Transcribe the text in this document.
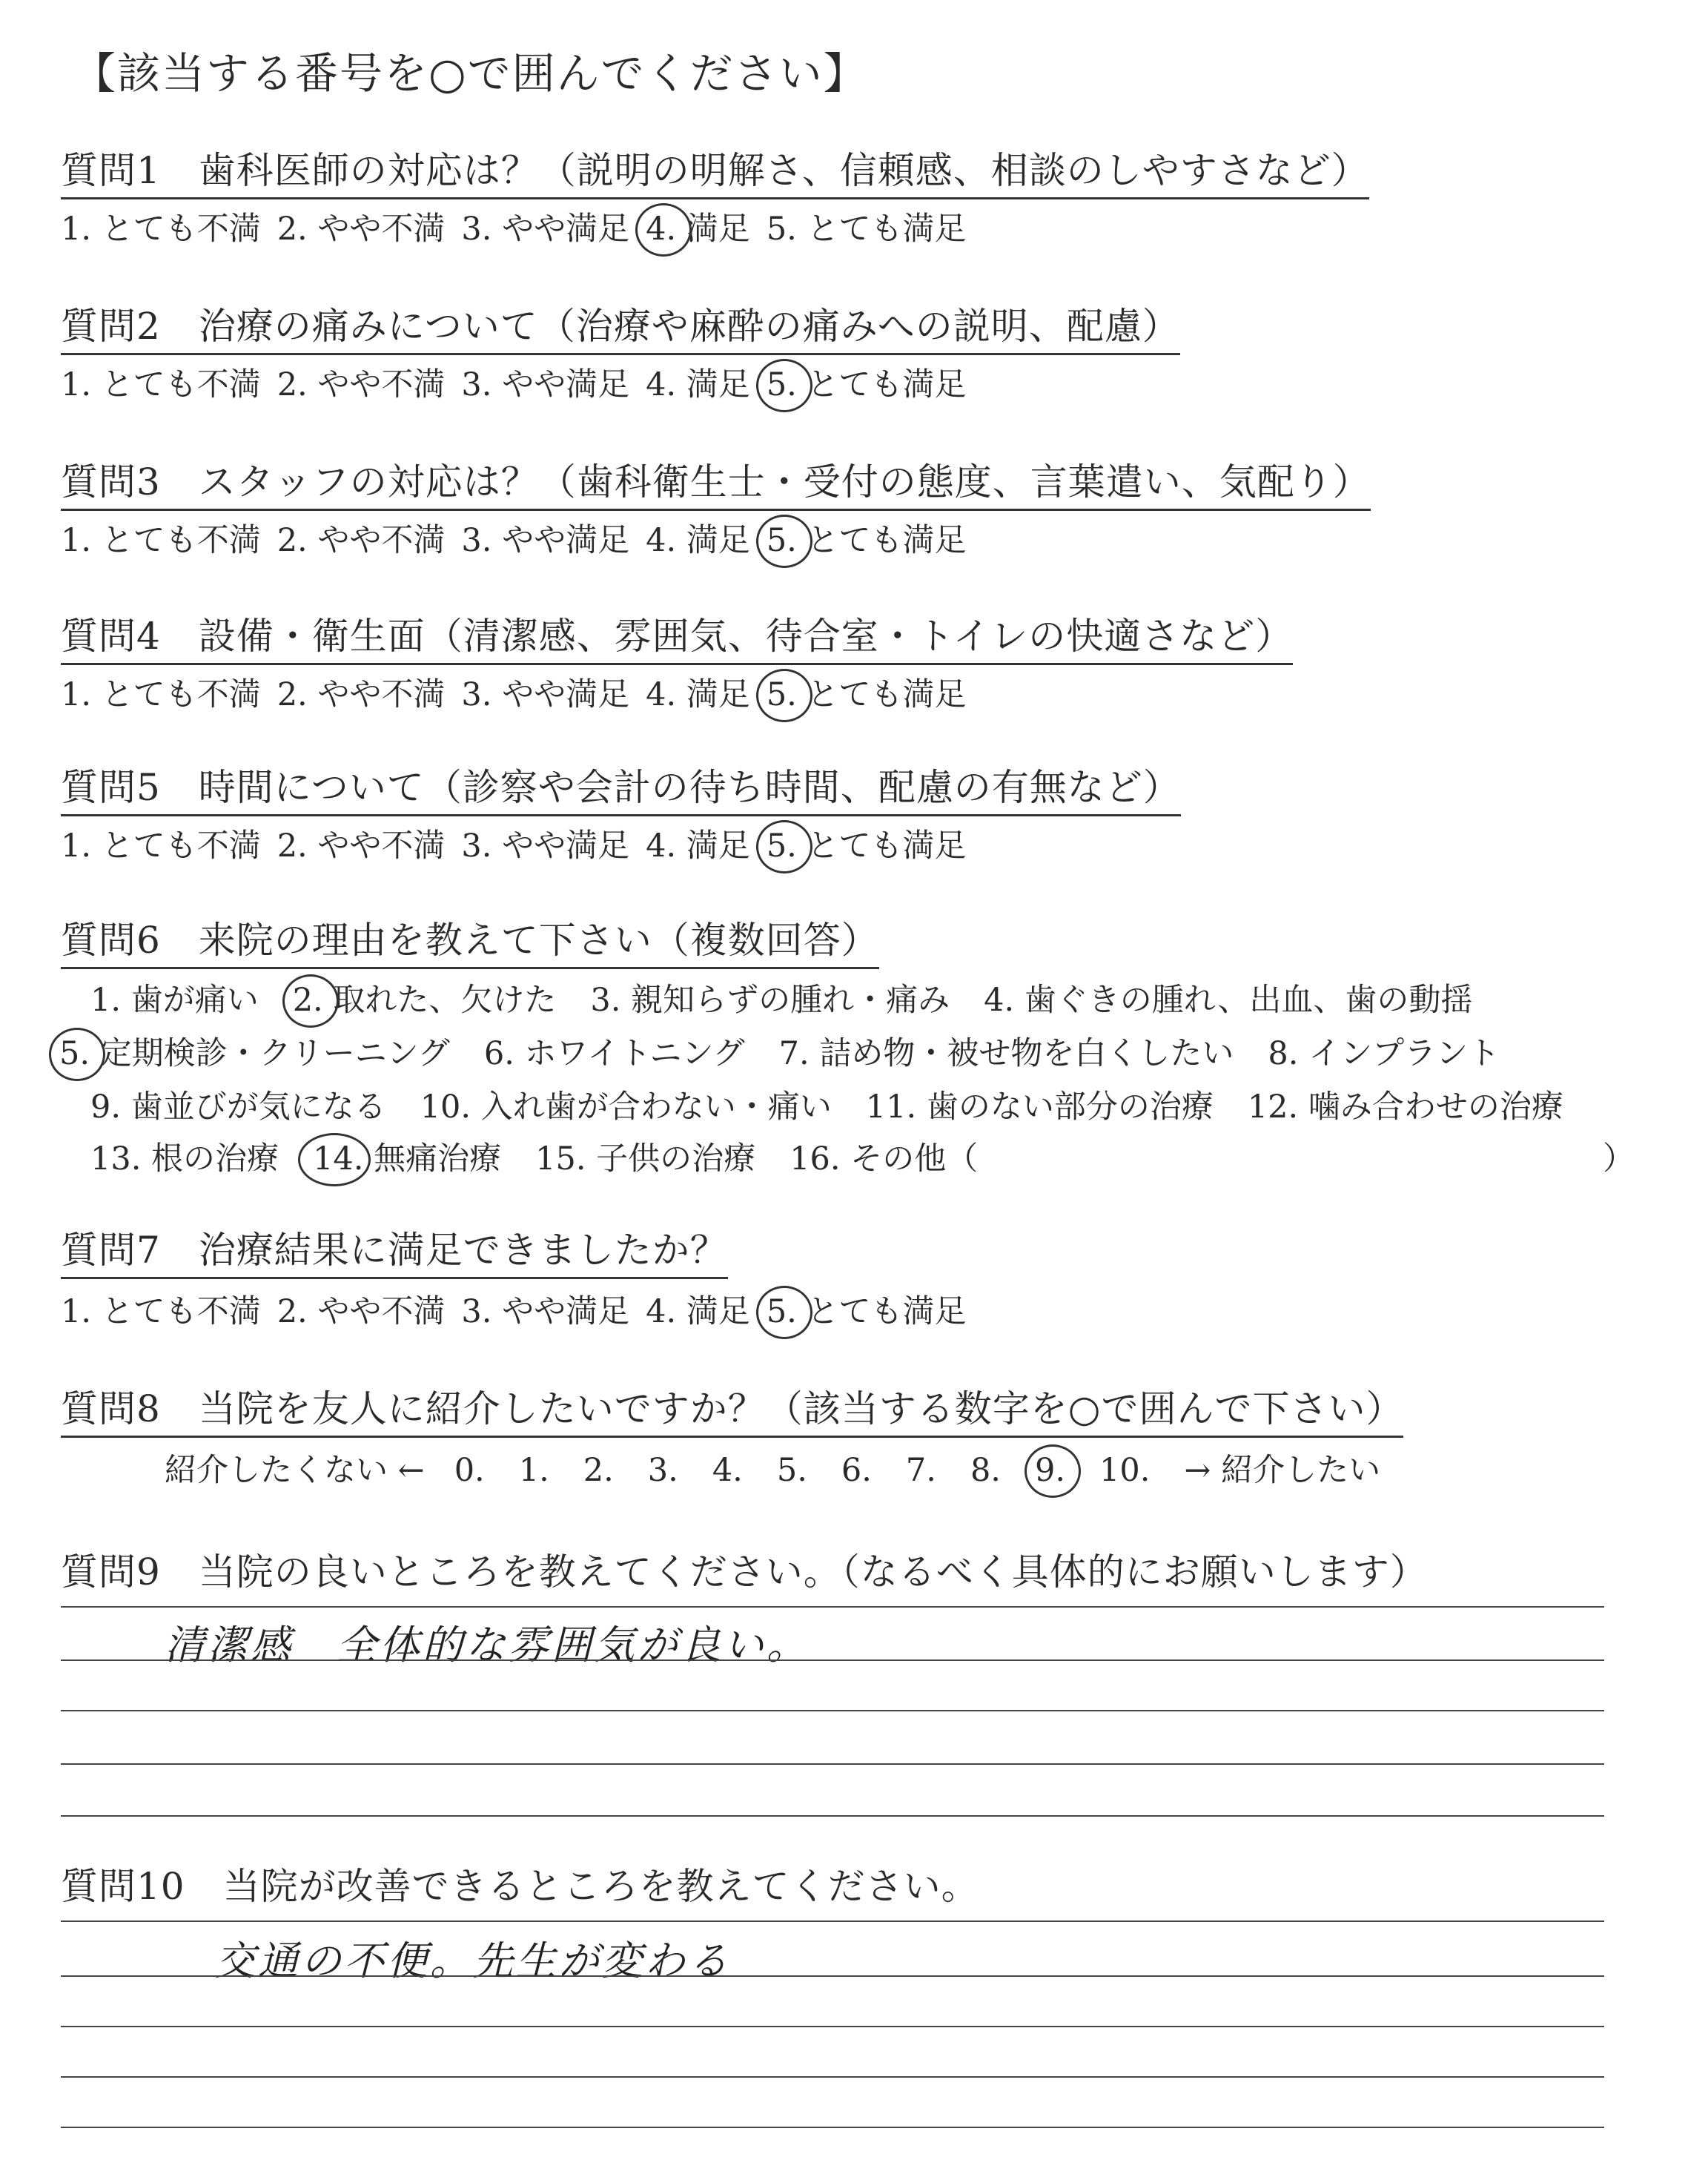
【該当する番号を○で囲んでください】
質問1　歯科医師の対応は？（説明の明解さ、信頼感、相談のしやすさなど）
1. とても不満 2. やや不満 3. やや満足 4. 満足 5. とても満足
質問2　治療の痛みについて（治療や麻酔の痛みへの説明、配慮）
1. とても不満 2. やや不満 3. やや満足 4. 満足 5. とても満足
質問3　スタッフの対応は？（歯科衛生士・受付の態度、言葉遣い、気配り）
1. とても不満 2. やや不満 3. やや満足 4. 満足 5. とても満足
質問4　設備・衛生面（清潔感、雰囲気、待合室・トイレの快適さなど）
1. とても不満 2. やや不満 3. やや満足 4. 満足 5. とても満足
質問5　時間について（診察や会計の待ち時間、配慮の有無など）
1. とても不満 2. やや不満 3. やや満足 4. 満足 5. とても満足
質問6　来院の理由を教えて下さい（複数回答）
1. 歯が痛い 2. 取れた、欠けた 3. 親知らずの腫れ・痛み 4. 歯ぐきの腫れ、出血、歯の動揺
5. 定期検診・クリーニング 6. ホワイトニング 7. 詰め物・被せ物を白くしたい 8. インプラント
9. 歯並びが気になる 10. 入れ歯が合わない・痛い 11. 歯のない部分の治療 12. 噛み合わせの治療
13. 根の治療 14. 無痛治療 15. 子供の治療 16. その他（	）
質問7　治療結果に満足できましたか？
1. とても不満 2. やや不満 3. やや満足 4. 満足 5. とても満足
質問8　当院を友人に紹介したいですか？（該当する数字を○で囲んで下さい）
紹介したくない ← 0. 1. 2. 3. 4. 5. 6. 7. 8. 9. 10. → 紹介したい
質問9　当院の良いところを教えてください。（なるべく具体的にお願いします）
清潔感　全体的な雰囲気が良い。
質問10　当院が改善できるところを教えてください。
交通の不便。先生が変わる
